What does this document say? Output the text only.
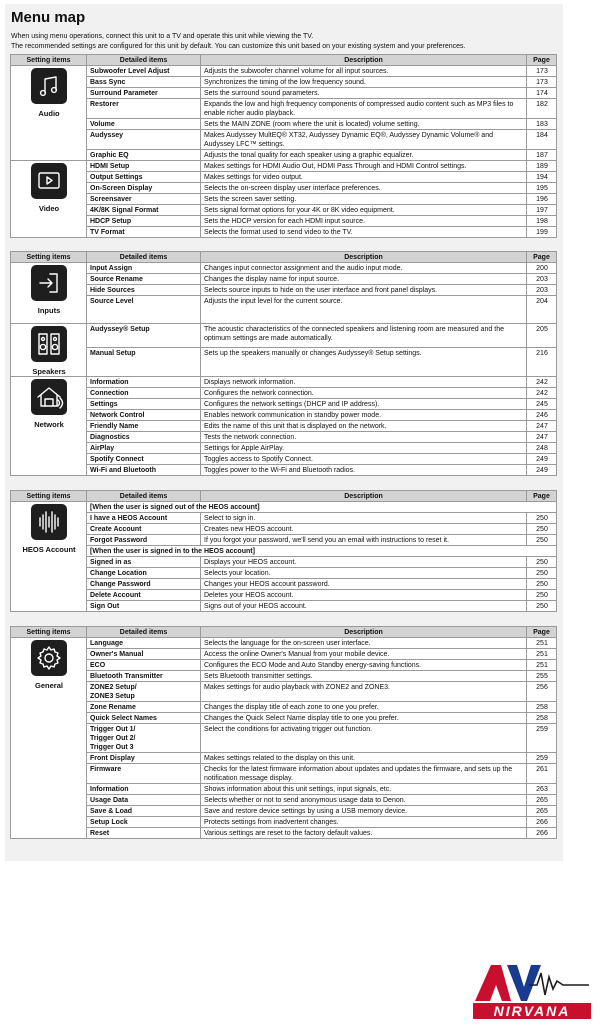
Menu map
When using menu operations, connect this unit to a TV and operate this unit while viewing the TV.
The recommended settings are configured for this unit by default. You can customize this unit based on your existing system and your preferences.
Setting items	Detailed items	Description	Page

Audio	Subwoofer Level Adjust	Adjusts the subwoofer channel volume for all input sources.	173
	Bass Sync	Synchronizes the timing of the low frequency sound.	173
	Surround Parameter	Sets the surround sound parameters.	174
	Restorer	Expands the low and high frequency components of compressed audio content such as MP3 files to enable richer audio playback.	182
	Volume	Sets the MAIN ZONE (room where the unit is located) volume setting.	183
	Audyssey	Makes Audyssey MultEQ® XT32, Audyssey Dynamic EQ®, Audyssey Dynamic Volume® and Audyssey LFC™ settings.	184
	Graphic EQ	Adjusts the tonal quality for each speaker using a graphic equalizer.	187

Video	HDMI Setup	Makes settings for HDMI Audio Out, HDMI Pass Through and HDMI Control settings.	189
	Output Settings	Makes settings for video output.	194
	On-Screen Display	Selects the on-screen display user interface preferences.	195
	Screensaver	Sets the screen saver setting.	196
	4K/8K Signal Format	Sets signal format options for your 4K or 8K video equipment.	197
	HDCP Setup	Sets the HDCP version for each HDMI input source.	198
	TV Format	Selects the format used to send video to the TV.	199
Setting items	Detailed items	Description	Page

Inputs	Input Assign	Changes input connector assignment and the audio input mode.	200
	Source Rename	Changes the display name for input source.	203
	Hide Sources	Selects source inputs to hide on the user interface and front panel displays.	203
	Source Level	Adjusts the input level for the current source.	204

Speakers	Audyssey® Setup	The acoustic characteristics of the connected speakers and listening room are measured and the optimum settings are made automatically.	205
	Manual Setup	Sets up the speakers manually or changes Audyssey® Setup settings.	216

Network	Information	Displays network information.	242
	Connection	Configures the network connection.	242
	Settings	Configures the network settings (DHCP and IP address).	245
	Network Control	Enables network communication in standby power mode.	246
	Friendly Name	Edits the name of this unit that is displayed on the network.	247
	Diagnostics	Tests the network connection.	247
	AirPlay	Settings for Apple AirPlay.	248
	Spotify Connect	Toggles access to Spotify Connect.	249
	Wi-Fi and Bluetooth	Toggles power to the Wi-Fi and Bluetooth radios.	249
Setting items	Detailed items	Description	Page

HEOS Account	[When the user is signed out of the HEOS account]		
	I have a HEOS Account	Select to sign in.	250
	Create Account	Creates new HEOS account.	250
	Forgot Password	If you forgot your password, we'll send you an email with instructions to reset it.	250
	[When the user is signed in to the HEOS account]		
	Signed in as	Displays your HEOS account.	250
	Change Location	Selects your location.	250
	Change Password	Changes your HEOS account password.	250
	Delete Account	Deletes your HEOS account.	250
	Sign Out	Signs out of your HEOS account.	250
Setting items	Detailed items	Description	Page

General	Language	Selects the language for the on-screen user interface.	251
	Owner's Manual	Access the online Owner's Manual from your mobile device.	251
	ECO	Configures the ECO Mode and Auto Standby energy-saving functions.	251
	Bluetooth Transmitter	Sets Bluetooth transmitter settings.	255
	ZONE2 Setup/
ZONE3 Setup	Makes settings for audio playback with ZONE2 and ZONE3.	256
	Zone Rename	Changes the display title of each zone to one you prefer.	258
	Quick Select Names	Changes the Quick Select Name display title to one you prefer.	258
	Trigger Out 1/
Trigger Out 2/
Trigger Out 3	Select the conditions for activating trigger out function.	259
	Front Display	Makes settings related to the display on this unit.	259
	Firmware	Checks for the latest firmware information about updates and updates the firmware, and sets up the notification message display.	261
	Information	Shows information about this unit settings, input signals, etc.	263
	Usage Data	Selects whether or not to send anonymous usage data to Denon.	265
	Save & Load	Save and restore device settings by using a USB memory device.	265
	Setup Lock	Protects settings from inadvertent changes.	266
	Reset	Various settings are reset to the factory default values.	266
NIRVANA
